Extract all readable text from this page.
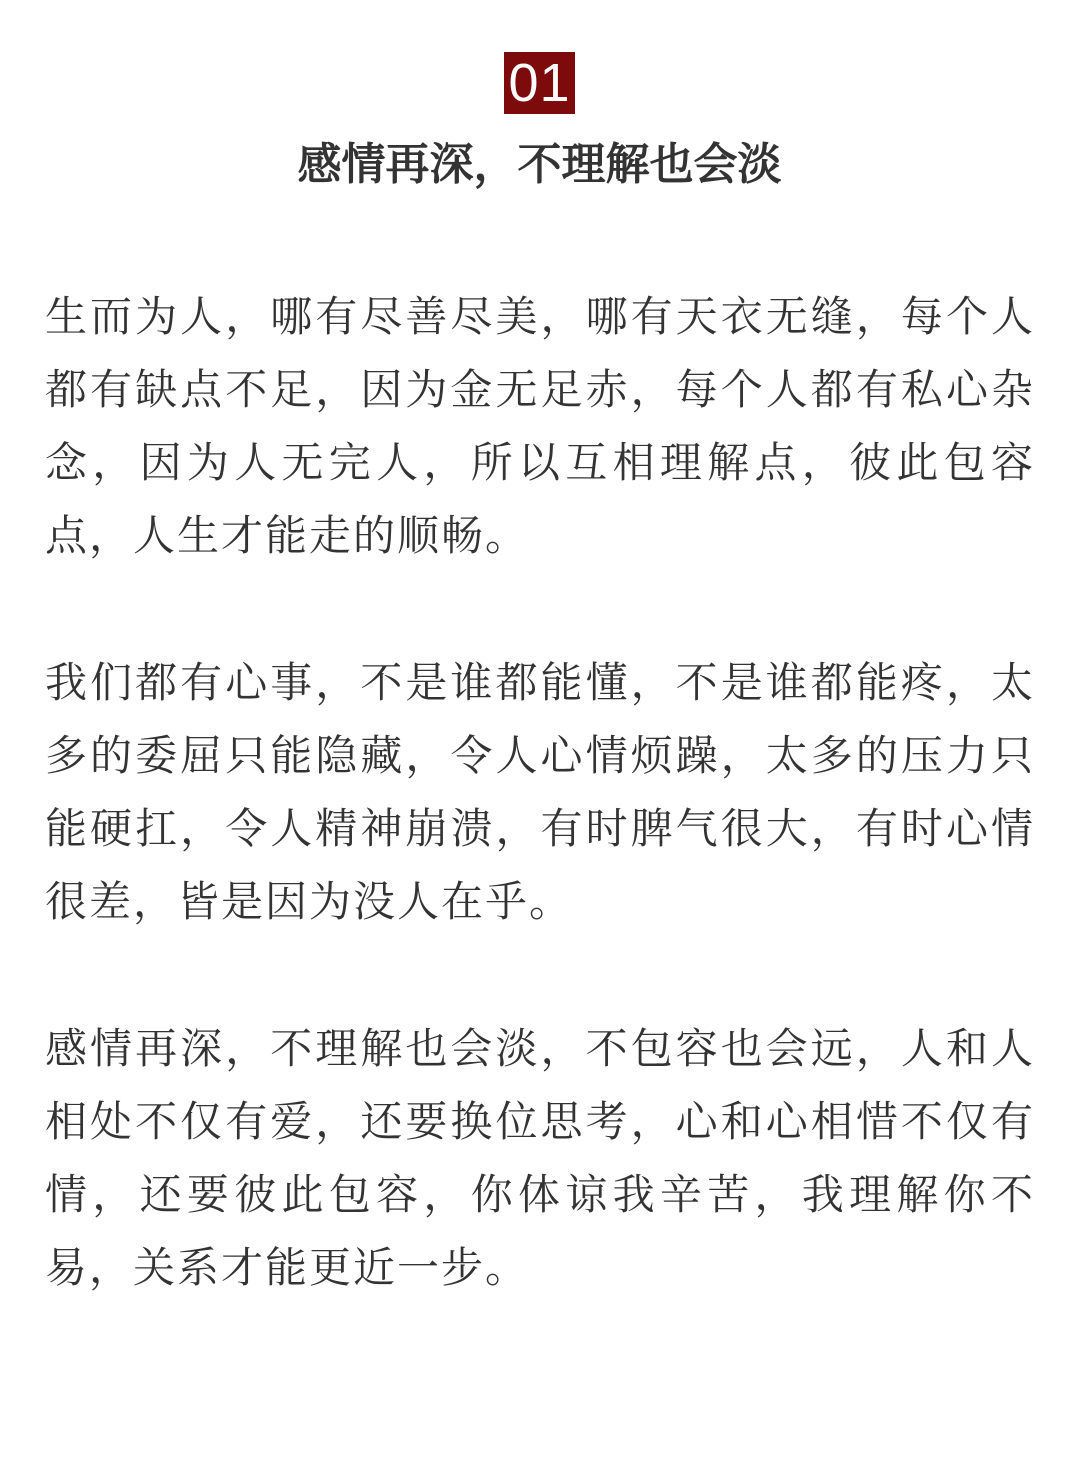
01
感情再深，不理解也会淡

生而为人，哪有尽善尽美，哪有天衣无缝，每个人都有缺点不足，因为金无足赤，每个人都有私心杂念，因为人无完人，所以互相理解点，彼此包容点，人生才能走的顺畅。

我们都有心事，不是谁都能懂，不是谁都能疼，太多的委屈只能隐藏，令人心情烦躁，太多的压力只能硬扛，令人精神崩溃，有时脾气很大，有时心情很差，皆是因为没人在乎。

感情再深，不理解也会淡，不包容也会远，人和人相处不仅有爱，还要换位思考，心和心相惜不仅有情，还要彼此包容，你体谅我辛苦，我理解你不易，关系才能更近一步。
